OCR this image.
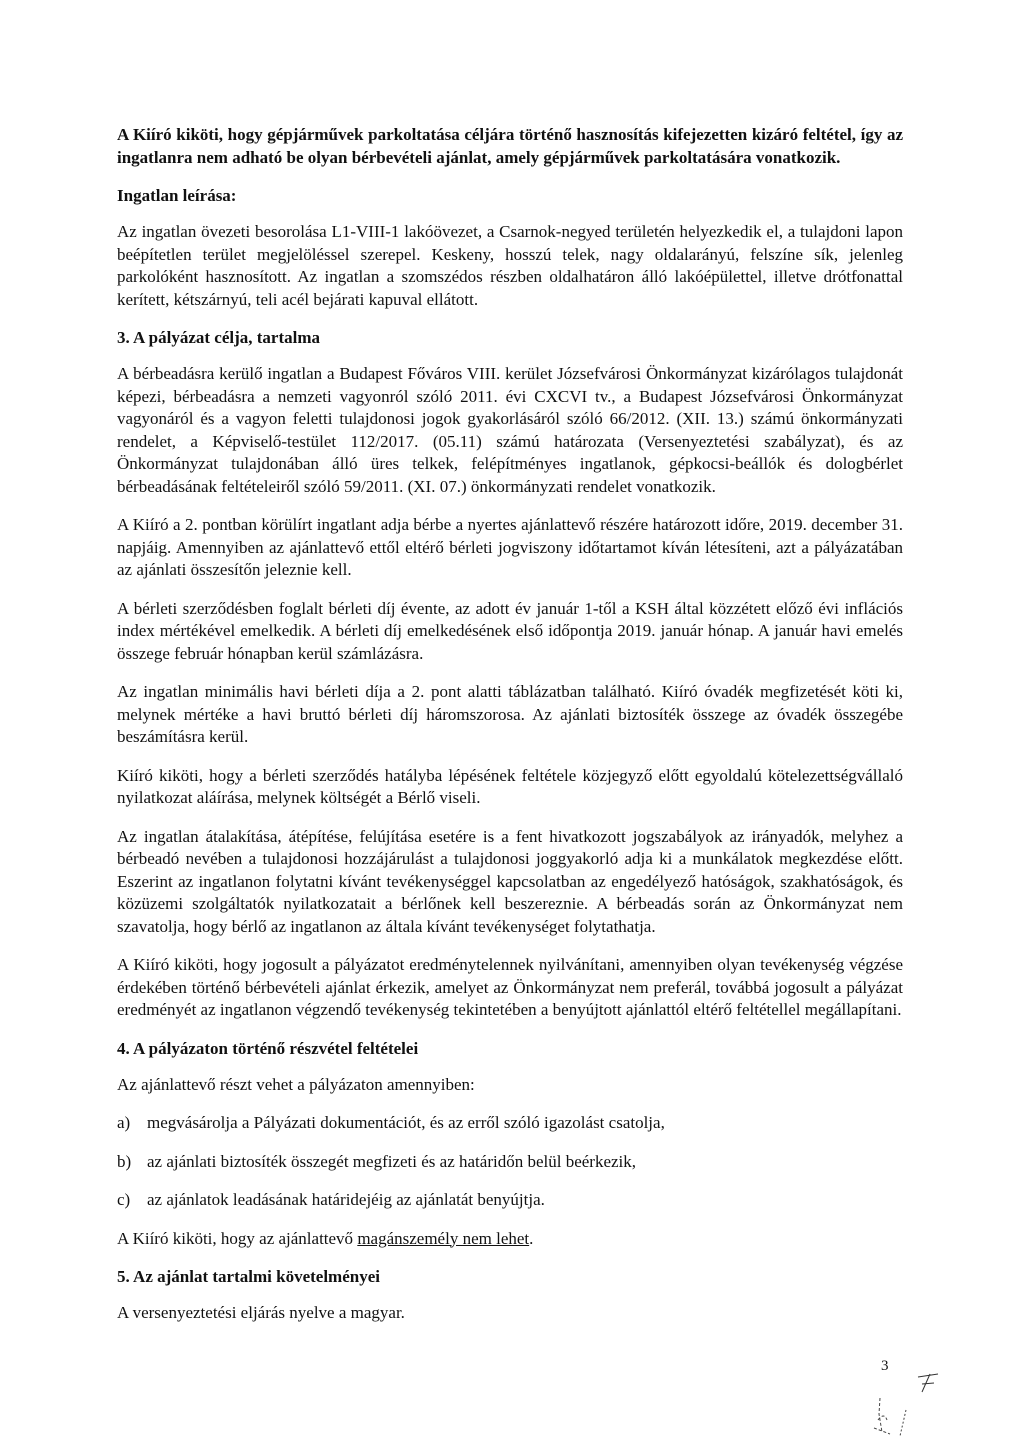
A Kiíró kiköti, hogy gépjárművek parkoltatása céljára történő hasznosítás kifejezetten kizáró feltétel, így az ingatlanra nem adható be olyan bérbevételi ajánlat, amely gépjárművek parkoltatására vonatkozik.

Ingatlan leírása:

Az ingatlan övezeti besorolása L1-VIII-1 lakóövezet, a Csarnok-negyed területén helyezkedik el, a tulajdoni lapon beépítetlen terület megjelöléssel szerepel. Keskeny, hosszú telek, nagy oldalarányú, felszíne sík, jelenleg parkolóként hasznosított. Az ingatlan a szomszédos részben oldalhatáron álló lakóépülettel, illetve drótfonattal kerített, kétszárnyú, teli acél bejárati kapuval ellátott.

3. A pályázat célja, tartalma

A bérbeadásra kerülő ingatlan a Budapest Főváros VIII. kerület Józsefvárosi Önkormányzat kizárólagos tulajdonát képezi, bérbeadásra a nemzeti vagyonról szóló 2011. évi CXCVI tv., a Budapest Józsefvárosi Önkormányzat vagyonáról és a vagyon feletti tulajdonosi jogok gyakorlásáról szóló 66/2012. (XII. 13.) számú önkormányzati rendelet, a Képviselő-testület 112/2017. (05.11) számú határozata (Versenyeztetési szabályzat), és az Önkormányzat tulajdonában álló üres telkek, felépítményes ingatlanok, gépkocsi-beállók és dologbérlet bérbeadásának feltételeiről szóló 59/2011. (XI. 07.) önkormányzati rendelet vonatkozik.

A Kiíró a 2. pontban körülírt ingatlant adja bérbe a nyertes ajánlattevő részére határozott időre, 2019. december 31. napjáig. Amennyiben az ajánlattevő ettől eltérő bérleti jogviszony időtartamot kíván létesíteni, azt a pályázatában az ajánlati összesítőn jeleznie kell.

A bérleti szerződésben foglalt bérleti díj évente, az adott év január 1-től a KSH által közzétett előző évi inflációs index mértékével emelkedik. A bérleti díj emelkedésének első időpontja 2019. január hónap. A január havi emelés összege február hónapban kerül számlázásra.

Az ingatlan minimális havi bérleti díja a 2. pont alatti táblázatban található. Kiíró óvadék megfizetését köti ki, melynek mértéke a havi bruttó bérleti díj háromszorosa. Az ajánlati biztosíték összege az óvadék összegébe beszámításra kerül.

Kiíró kiköti, hogy a bérleti szerződés hatályba lépésének feltétele közjegyző előtt egyoldalú kötelezettségvállaló nyilatkozat aláírása, melynek költségét a Bérlő viseli.

Az ingatlan átalakítása, átépítése, felújítása esetére is a fent hivatkozott jogszabályok az irányadók, melyhez a bérbeadó nevében a tulajdonosi hozzájárulást a tulajdonosi joggyakorló adja ki a munkálatok megkezdése előtt. Eszerint az ingatlanon folytatni kívánt tevékenységgel kapcsolatban az engedélyező hatóságok, szakhatóságok, és közüzemi szolgáltatók nyilatkozatait a bérlőnek kell beszereznie. A bérbeadás során az Önkormányzat nem szavatolja, hogy bérlő az ingatlanon az általa kívánt tevékenységet folytathatja.

A Kiíró kiköti, hogy jogosult a pályázatot eredménytelennek nyilvánítani, amennyiben olyan tevékenység végzése érdekében történő bérbevételi ajánlat érkezik, amelyet az Önkormányzat nem preferál, továbbá jogosult a pályázat eredményét az ingatlanon végzendő tevékenység tekintetében a benyújtott ajánlattól eltérő feltétellel megállapítani.

4. A pályázaton történő részvétel feltételei

Az ajánlattevő részt vehet a pályázaton amennyiben:

a) megvásárolja a Pályázati dokumentációt, és az erről szóló igazolást csatolja,
b) az ajánlati biztosíték összegét megfizeti és az határidőn belül beérkezik,
c) az ajánlatok leadásának határidejéig az ajánlatát benyújtja.

A Kiíró kiköti, hogy az ajánlattevő magánszemély nem lehet.

5. Az ajánlat tartalmi követelményei

A versenyeztetési eljárás nyelve a magyar.

3
